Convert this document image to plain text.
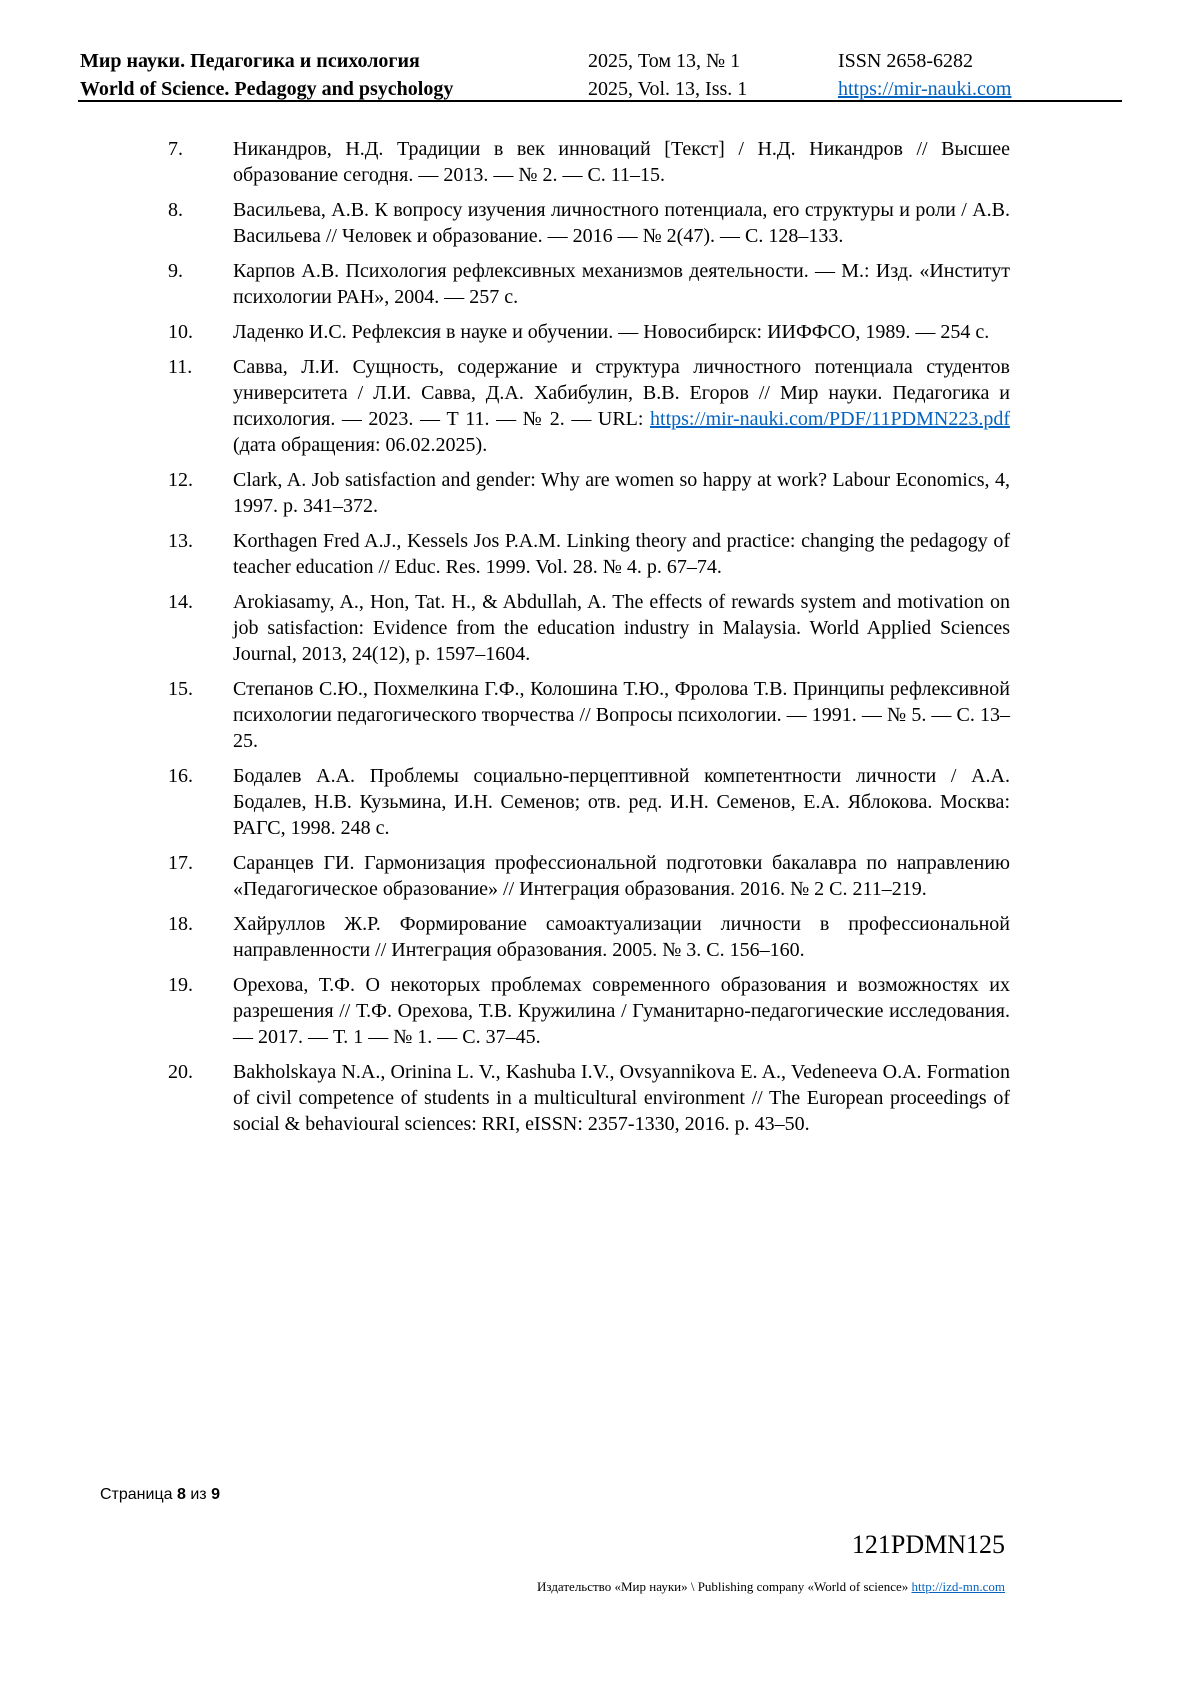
Мир науки. Педагогика и психология
World of Science. Pedagogy and psychology
2025, Том 13, № 1
2025, Vol. 13, Iss. 1
ISSN 2658-6282
https://mir-nauki.com
7.	Никандров, Н.Д. Традиции в век инноваций [Текст] / Н.Д. Никандров // Высшее образование сегодня. — 2013. — № 2. — С. 11–15.
8.	Васильева, А.В. К вопросу изучения личностного потенциала, его структуры и роли / А.В. Васильева // Человек и образование. — 2016 — № 2(47). — С. 128–133.
9.	Карпов А.В. Психология рефлексивных механизмов деятельности. — М.: Изд. «Институт психологии РАН», 2004. — 257 с.
10.	Ладенко И.С. Рефлексия в науке и обучении. — Новосибирск: ИИФФСО, 1989. — 254 с.
11.	Савва, Л.И. Сущность, содержание и структура личностного потенциала студентов университета / Л.И. Савва, Д.А. Хабибулин, В.В. Егоров // Мир науки. Педагогика и психология. — 2023. — Т 11. — № 2. — URL: https://mir-nauki.com/PDF/11PDMN223.pdf (дата обращения: 06.02.2025).
12.	Clark, A. Job satisfaction and gender: Why are women so happy at work? Labour Economics, 4, 1997. p. 341–372.
13.	Korthagen Fred A.J., Kessels Jos P.A.M. Linking theory and practice: changing the pedagogy of teacher education // Educ. Res. 1999. Vol. 28. № 4. p. 67–74.
14.	Arokiasamy, A., Hon, Tat. H., & Abdullah, A. The effects of rewards system and motivation on job satisfaction: Evidence from the education industry in Malaysia. World Applied Sciences Journal, 2013, 24(12), p. 1597–1604.
15.	Степанов С.Ю., Похмелкина Г.Ф., Колошина Т.Ю., Фролова Т.В. Принципы рефлексивной психологии педагогического творчества // Вопросы психологии. — 1991. — № 5. — С. 13–25.
16.	Бодалев А.А. Проблемы социально-перцептивной компетентности личности / А.А. Бодалев, Н.В. Кузьмина, И.Н. Семенов; отв. ред. И.Н. Семенов, Е.А. Яблокова. Москва: РАГС, 1998. 248 с.
17.	Саранцев ГИ. Гармонизация профессиональной подготовки бакалавра по направлению «Педагогическое образование» // Интеграция образования. 2016. № 2 С. 211–219.
18.	Хайруллов Ж.Р. Формирование самоактуализации личности в профессиональной направленности // Интеграция образования. 2005. № 3. С. 156–160.
19.	Орехова, Т.Ф. О некоторых проблемах современного образования и возможностях их разрешения // Т.Ф. Орехова, Т.В. Кружилина / Гуманитарно-педагогические исследования. — 2017. — Т. 1 — № 1. — С. 37–45.
20.	Bakholskaya N.A., Orinina L. V., Kashuba I.V., Ovsyannikova E. A., Vedeneeva O.A. Formation of civil competence of students in a multicultural environment // The European proceedings of social & behavioural sciences: RRI, eISSN: 2357-1330, 2016. p. 43–50.
Страница 8 из 9
121PDMN125
Издательство «Мир науки» \ Publishing company «World of science» http://izd-mn.com
